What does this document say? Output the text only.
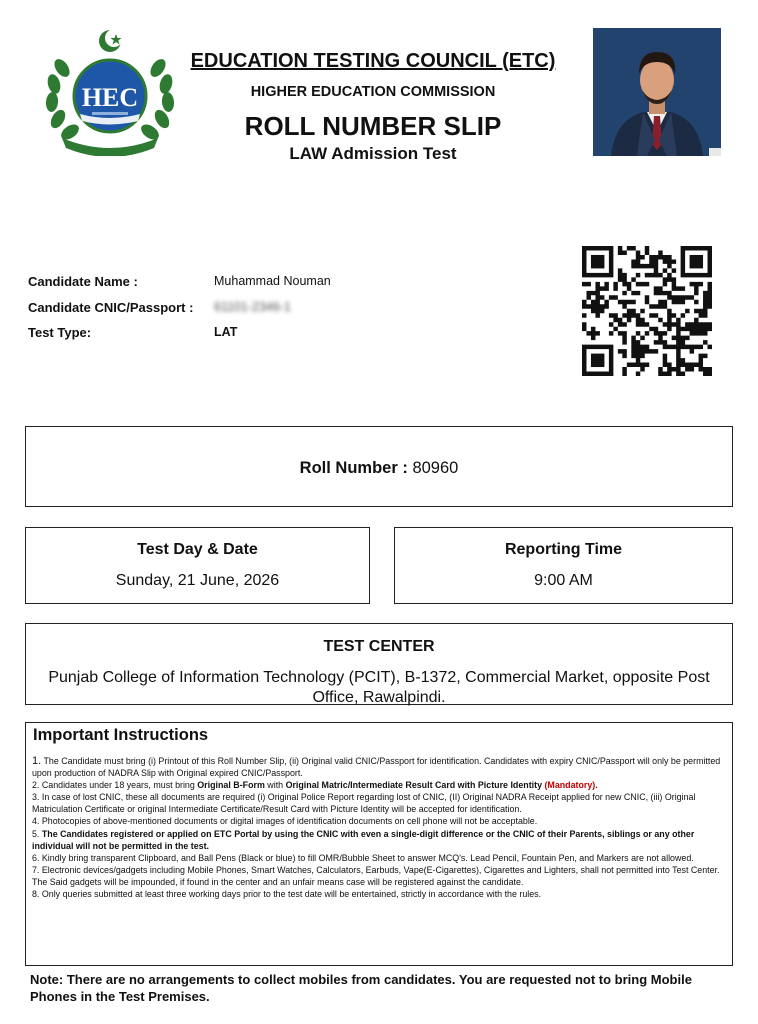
HEC
EDUCATION TESTING COUNCIL (ETC)
HIGHER EDUCATION COMMISSION
ROLL NUMBER SLIP
LAW Admission Test
Candidate Name :	Muhammad Nouman
Candidate CNIC/Passport : 61101-2346-1
Test Type:	LAT
Roll Number : 80960
Test Day & Date
Sunday, 21 June, 2026
Reporting Time
9:00 AM
TEST CENTER
Punjab College of Information Technology (PCIT), B-1372, Commercial Market, opposite Post Office, Rawalpindi.
Important Instructions

1. The Candidate must bring (i) Printout of this Roll Number Slip, (ii) Original valid CNIC/Passport for identification. Candidates with expiry CNIC/Passport will only be permitted upon production of NADRA Slip with Original expired CNIC/Passport.

2. Candidates under 18 years, must bring Original B-Form with Original Matric/Intermediate Result Card with Picture Identity (Mandatory).

3. In case of lost CNIC, these all documents are required (i) Original Police Report regarding lost of CNIC, (II) Original NADRA Receipt applied for new CNIC, (iii) Original Matriculation Certificate or original Intermediate Certificate/Result Card with Picture Identity will be accepted for identification.

4. Photocopies of above-mentioned documents or digital images of identification documents on cell phone will not be acceptable.

5. The Candidates registered or applied on ETC Portal by using the CNIC with even a single-digit difference or the CNIC of their Parents, siblings or any other individual will not be permitted in the test.

6. Kindly bring transparent Clipboard, and Ball Pens (Black or blue) to fill OMR/Bubble Sheet to answer MCQ's. Lead Pencil, Fountain Pen, and Markers are not allowed.

7. Electronic devices/gadgets including Mobile Phones, Smart Watches, Calculators, Earbuds, Vape(E-Cigarettes), Cigarettes and Lighters, shall not permitted into Test Center. The Said gadgets will be impounded, if found in the center and an unfair means case will be registered against the candidate.

8. Only queries submitted at least three working days prior to the test date will be entertained, strictly in accordance with the rules.

Note: There are no arrangements to collect mobiles from candidates. You are requested not to bring Mobile Phones in the Test Premises.
